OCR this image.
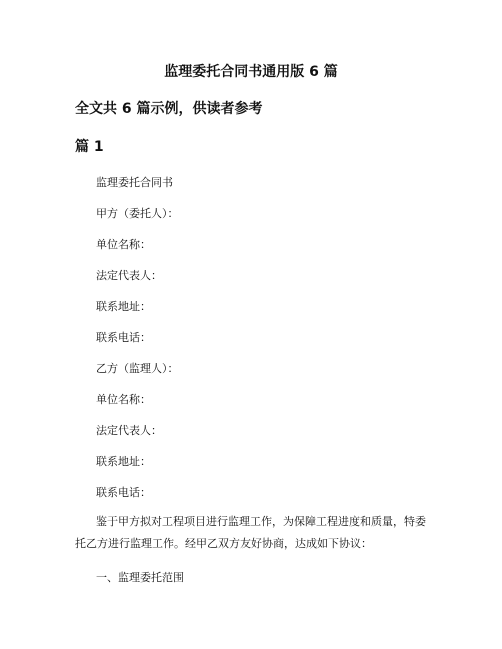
监理委托合同书通用版 6 篇
全文共 6 篇示例，供读者参考
篇 1
监理委托合同书
甲方（委托人）：
单位名称：
法定代表人：
联系地址：
联系电话：
乙方（监理人）：
单位名称：
法定代表人：
联系地址：
联系电话：
鉴于甲方拟对工程项目进行监理工作，为保障工程进度和质量，特委托乙方进行监理工作。经甲乙双方友好协商，达成如下协议：
一、监理委托范围
